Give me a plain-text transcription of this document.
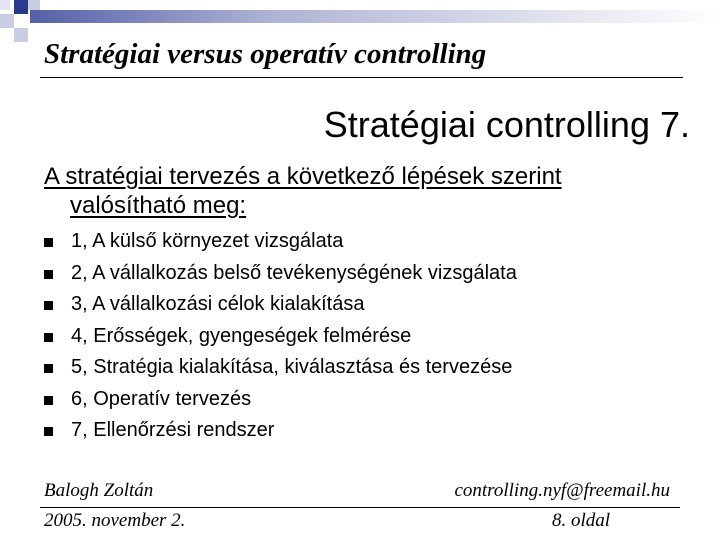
Stratégiai versus operatív controlling
Stratégiai controlling 7.
A stratégiai tervezés a következő lépések szerint
valósítható meg:
1, A külső környezet vizsgálata
2, A vállalkozás belső tevékenységének vizsgálata
3, A vállalkozási célok kialakítása
4, Erősségek, gyengeségek felmérése
5, Stratégia kialakítása, kiválasztása és tervezése
6, Operatív tervezés
7, Ellenőrzési rendszer
Balogh Zoltán	controlling.nyf@freemail.hu
2005. november 2.	8. oldal
